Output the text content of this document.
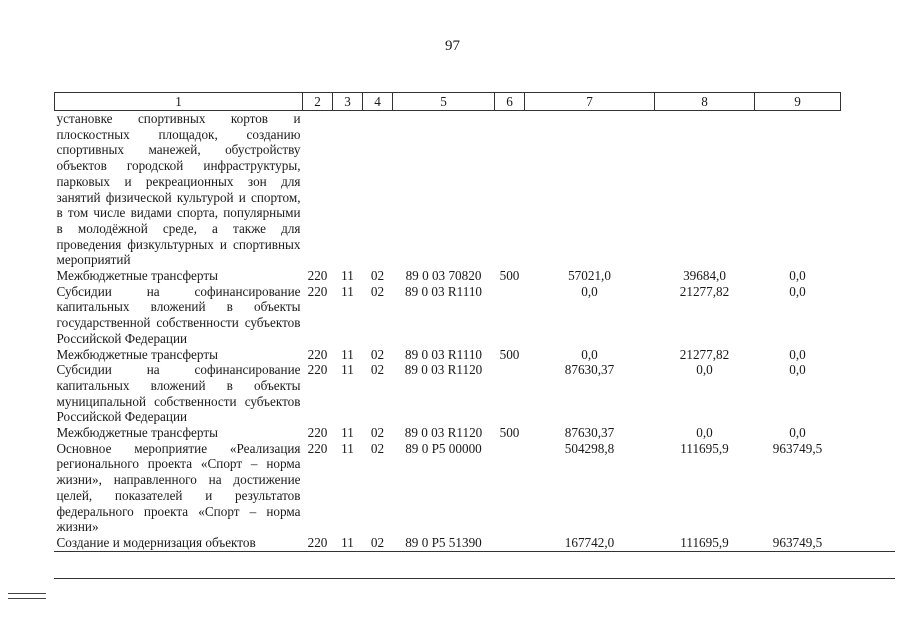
97
1	2	3	4	5	6	7	8	9
установке спортивных кортов и плоскостных площадок, созданию спортивных манежей, обустройству объектов городской инфраструктуры, парковых и рекреационных зон для занятий физической культурой и спортом, в том числе видами спорта, популярными в молодёжной среде, а также для проведения физкультурных и спортивных мероприятий								
Межбюджетные трансферты	220	11	02	89 0 03 70820	500	57021,0	39684,0	0,0
Субсидии на софинансирование капитальных вложений в объекты государственной собственности субъектов Российской Федерации	220	11	02	89 0 03 R1110		0,0	21277,82	0,0
Межбюджетные трансферты	220	11	02	89 0 03 R1110	500	0,0	21277,82	0,0
Субсидии на софинансирование капитальных вложений в объекты муниципальной собственности субъектов Российской Федерации	220	11	02	89 0 03 R1120		87630,37	0,0	0,0
Межбюджетные трансферты	220	11	02	89 0 03 R1120	500	87630,37	0,0	0,0
Основное мероприятие «Реализация регионального проекта «Спорт – норма жизни», направленного на достижение целей, показателей и результатов федерального проекта «Спорт – норма жизни»	220	11	02	89 0 P5 00000		504298,8	111695,9	963749,5
Создание и модернизация объектов	220	11	02	89 0 P5 51390		167742,0	111695,9	963749,5
